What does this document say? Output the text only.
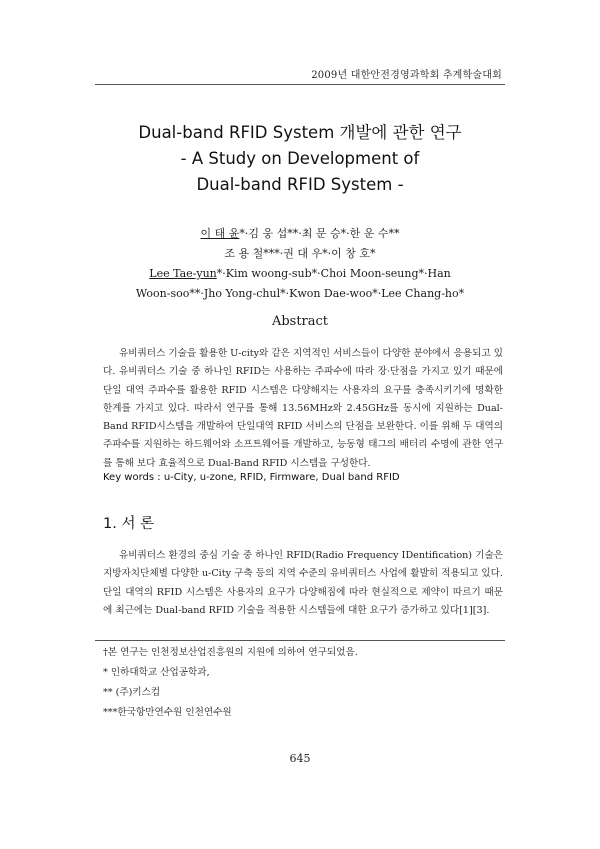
2009년 대한안전경영과학회 추계학술대회
Dual-band RFID System 개발에 관한 연구
- A Study on Development of
Dual-band RFID System -
이 태 윤*·김 웅 섭**·최 문 승*·한 운 수**
조 용 철***·권 대 우*·이 창 호*
Lee Tae-yun*·Kim woong-sub*·Choi Moon-seung*·Han
Woon-soo**·Jho Yong-chul*·Kwon Dae-woo*·Lee Chang-ho*
Abstract

유비쿼터스 기술을 활용한 U-city와 같은 지역적인 서비스들이 다양한 분야에서 응용되고 있다. 유비쿼터스 기술 중 하나인 RFID는 사용하는 주파수에 따라 장·단점을 가지고 있기 때문에 단일 대역 주파수를 활용한 RFID 시스템은 다양해지는 사용자의 요구를 충족시키기에 명확한 한계를 가지고 있다. 따라서 연구를 통해 13.56MHz와 2.45GHz를 동시에 지원하는 Dual-Band RFID시스템을 개발하여 단일대역 RFID 서비스의 단점을 보완한다. 이를 위해 두 대역의 주파수를 지원하는 하드웨어와 소프트웨어를 개발하고, 능동형 태그의 배터리 수명에 관한 연구를 통해 보다 효율적으로 Dual-Band RFID 시스템을 구성한다.

Key words : u-City, u-zone, RFID, Firmware, Dual band RFID
1. 서 론

유비쿼터스 환경의 중심 기술 중 하나인 RFID(Radio Frequency IDentification) 기술은 지방자치단체별 다양한 u-City 구축 등의 지역 수준의 유비쿼터스 사업에 활발히 적용되고 있다. 단일 대역의 RFID 시스템은 사용자의 요구가 다양해짐에 따라 현실적으로 제약이 따르기 때문에 최근에는 Dual-band RFID 기술을 적용한 시스템들에 대한 요구가 증가하고 있다[1][3].

†본 연구는 인천정보산업진흥원의 지원에 의하여 연구되었음.
* 인하대학교 산업공학과,
** (주)키스컴
***한국항만연수원 인천연수원
645
